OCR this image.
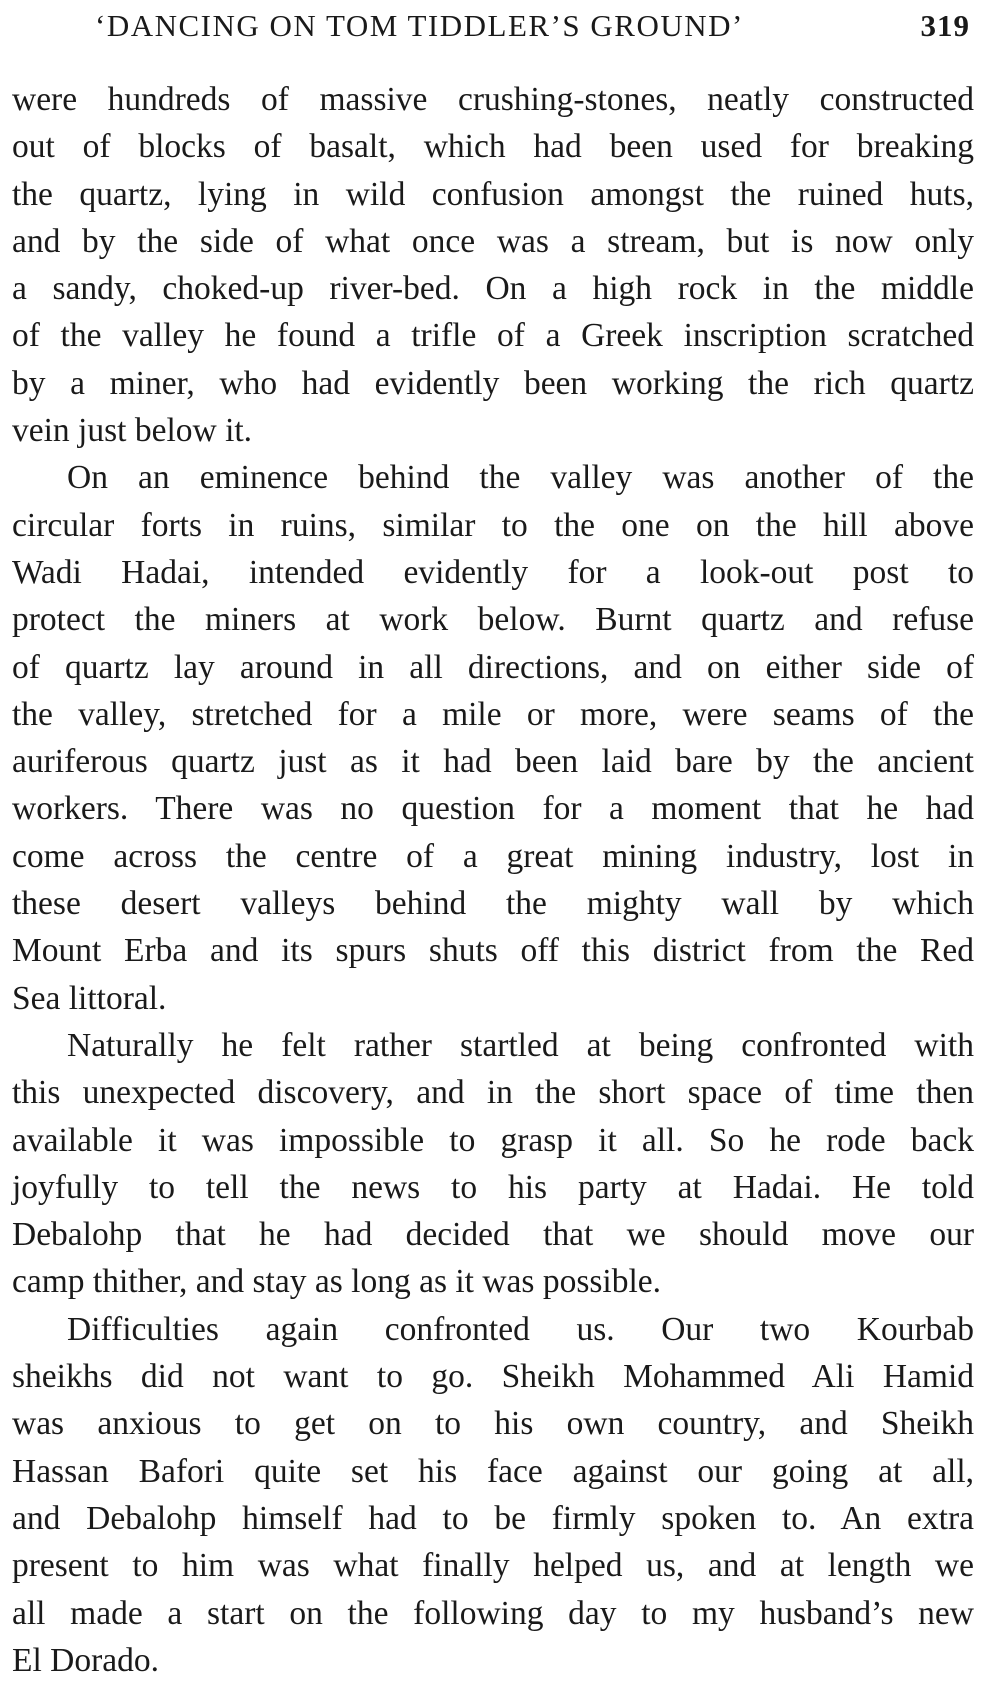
‘DANCING ON TOM TIDDLER’S GROUND’	319
were hundreds of massive crushing-stones, neatly constructed
out of blocks of basalt, which had been used for breaking
the quartz, lying in wild confusion amongst the ruined huts,
and by the side of what once was a stream, but is now only
a sandy, choked-up river-bed. On a high rock in the middle
of the valley he found a trifle of a Greek inscription scratched
by a miner, who had evidently been working the rich quartz
vein just below it.
On an eminence behind the valley was another of the
circular forts in ruins, similar to the one on the hill above
Wadi Hadai, intended evidently for a look-out post to
protect the miners at work below. Burnt quartz and refuse
of quartz lay around in all directions, and on either side of
the valley, stretched for a mile or more, were seams of the
auriferous quartz just as it had been laid bare by the ancient
workers. There was no question for a moment that he had
come across the centre of a great mining industry, lost in
these desert valleys behind the mighty wall by which
Mount Erba and its spurs shuts off this district from the Red
Sea littoral.
Naturally he felt rather startled at being confronted with
this unexpected discovery, and in the short space of time then
available it was impossible to grasp it all. So he rode back
joyfully to tell the news to his party at Hadai. He told
Debalohp that he had decided that we should move our
camp thither, and stay as long as it was possible.
Difficulties again confronted us. Our two Kourbab
sheikhs did not want to go. Sheikh Mohammed Ali Hamid
was anxious to get on to his own country, and Sheikh
Hassan Bafori quite set his face against our going at all,
and Debalohp himself had to be firmly spoken to. An extra
present to him was what finally helped us, and at length we
all made a start on the following day to my husband’s new
El Dorado.
